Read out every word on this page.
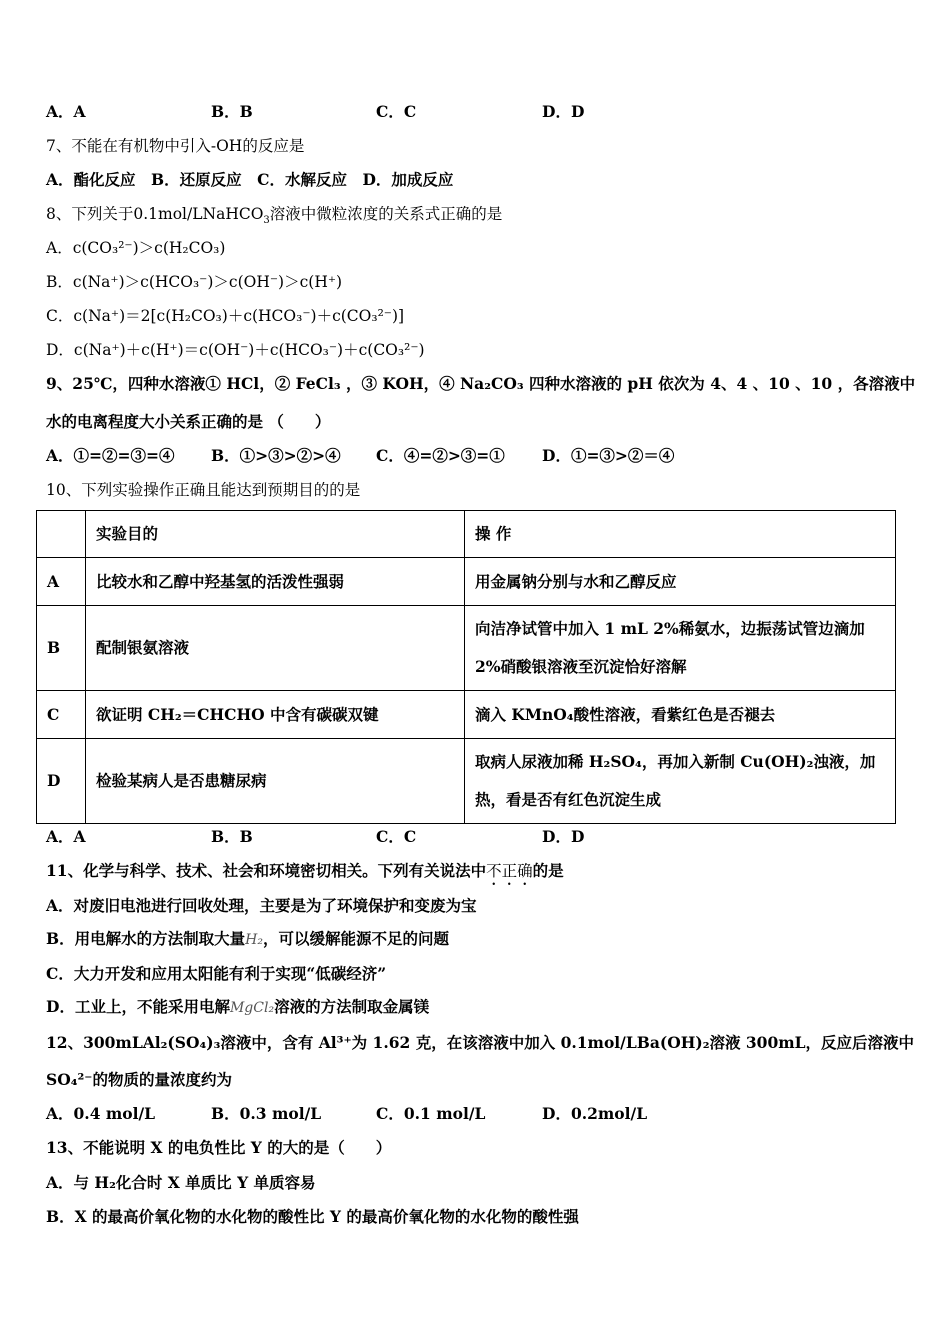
A．A	B．B	C．C	D．D
7、不能在有机物中引入-OH的反应是
A．酯化反应　B．还原反应　C．水解反应　D．加成反应
8、下列关于0.1mol/LNaHCO$_3$溶液中微粒浓度的关系式正确的是
A．c(CO₃²⁻)＞c(H₂CO₃)
B．c(Na⁺)＞c(HCO₃⁻)＞c(OH⁻)＞c(H⁺)
C．c(Na⁺)＝2[c(H₂CO₃)＋c(HCO₃⁻)＋c(CO₃²⁻)]
D．c(Na⁺)＋c(H⁺)＝c(OH⁻)＋c(HCO₃⁻)＋c(CO₃²⁻)
9、25℃，四种水溶液① HCl，② FeCl₃ ，③ KOH，④ Na₂CO₃ 四种水溶液的 pH 依次为 4、4 、10 、10 ，各溶液中
水的电离程度大小关系正确的是 （　　）
A．①=②=③=④ B．①>③>②>④ C．④=②>③=① D．①=③>②＝④
10、下列实验操作正确且能达到预期目的的是
	实验目的	操 作
A	比较水和乙醇中羟基氢的活泼性强弱	用金属钠分别与水和乙醇反应

B	配制银氨溶液	向洁净试管中加入 1 mL 2%稀氨水，边振荡试管边滴加
2%硝酸银溶液至沉淀恰好溶解

C	欲证明 CH₂＝CHCHO 中含有碳碳双键	滴入 KMnO₄酸性溶液，看紫红色是否褪去

D	检验某病人是否患糖尿病	取病人尿液加稀 H₂SO₄，再加入新制 Cu(OH)₂浊液，加
热，看是否有红色沉淀生成
A．A	B．B	C．C	D．D
11、化学与科学、技术、社会和环境密切相关。下列有关说法中不正确的是
A．对废旧电池进行回收处理，主要是为了环境保护和变废为宝
B．用电解水的方法制取大量H₂，可以缓解能源不足的问题
C．大力开发和应用太阳能有利于实现“低碳经济”
D．工业上，不能采用电解MgCl₂溶液的方法制取金属镁
12、300mLAl₂(SO₄)₃溶液中，含有 Al³⁺为 1.62 克，在该溶液中加入 0.1mol/LBa(OH)₂溶液 300mL，反应后溶液中
SO₄²⁻的物质的量浓度约为
A．0.4 mol/L	B．0.3 mol/L	C．0.1 mol/L	D．0.2mol/L
13、不能说明 X 的电负性比 Y 的大的是（　　）
A．与 H₂化合时 X 单质比 Y 单质容易
B．X 的最高价氧化物的水化物的酸性比 Y 的最高价氧化物的水化物的酸性强
